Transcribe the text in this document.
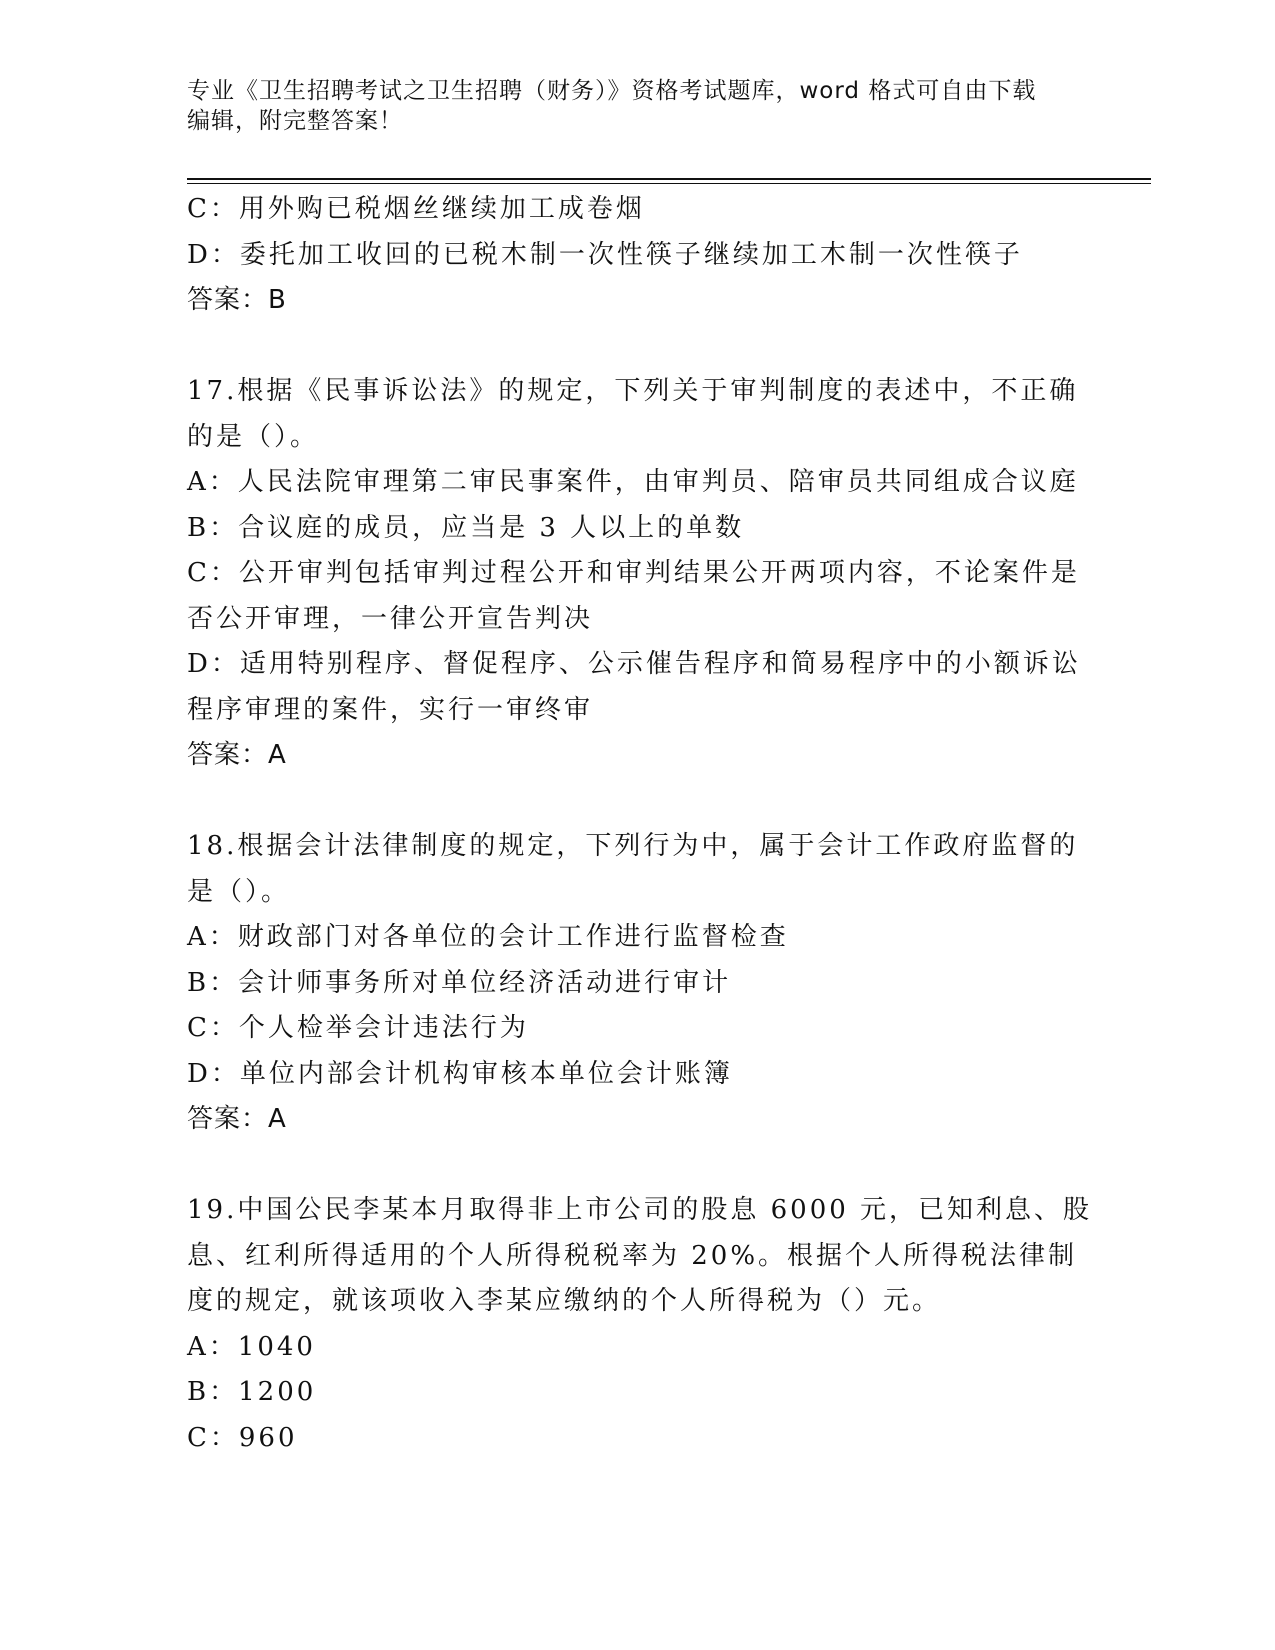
专业《卫生招聘考试之卫生招聘（财务）》资格考试题库，word 格式可自由下载
编辑，附完整答案！
C：用外购已税烟丝继续加工成卷烟
D：委托加工收回的已税木制一次性筷子继续加工木制一次性筷子
答案：B
17.根据《民事诉讼法》的规定，下列关于审判制度的表述中，不正确
的是（）。
A：人民法院审理第二审民事案件，由审判员、陪审员共同组成合议庭
B：合议庭的成员，应当是 3 人以上的单数
C：公开审判包括审判过程公开和审判结果公开两项内容，不论案件是
否公开审理，一律公开宣告判决
D：适用特别程序、督促程序、公示催告程序和简易程序中的小额诉讼
程序审理的案件，实行一审终审
答案：A
18.根据会计法律制度的规定，下列行为中，属于会计工作政府监督的
是（）。
A：财政部门对各单位的会计工作进行监督检查
B：会计师事务所对单位经济活动进行审计
C：个人检举会计违法行为
D：单位内部会计机构审核本单位会计账簿
答案：A
19.中国公民李某本月取得非上市公司的股息 6000 元，已知利息、股
息、红利所得适用的个人所得税税率为 20%。根据个人所得税法律制
度的规定，就该项收入李某应缴纳的个人所得税为（）元。
A：1040
B：1200
C：960
